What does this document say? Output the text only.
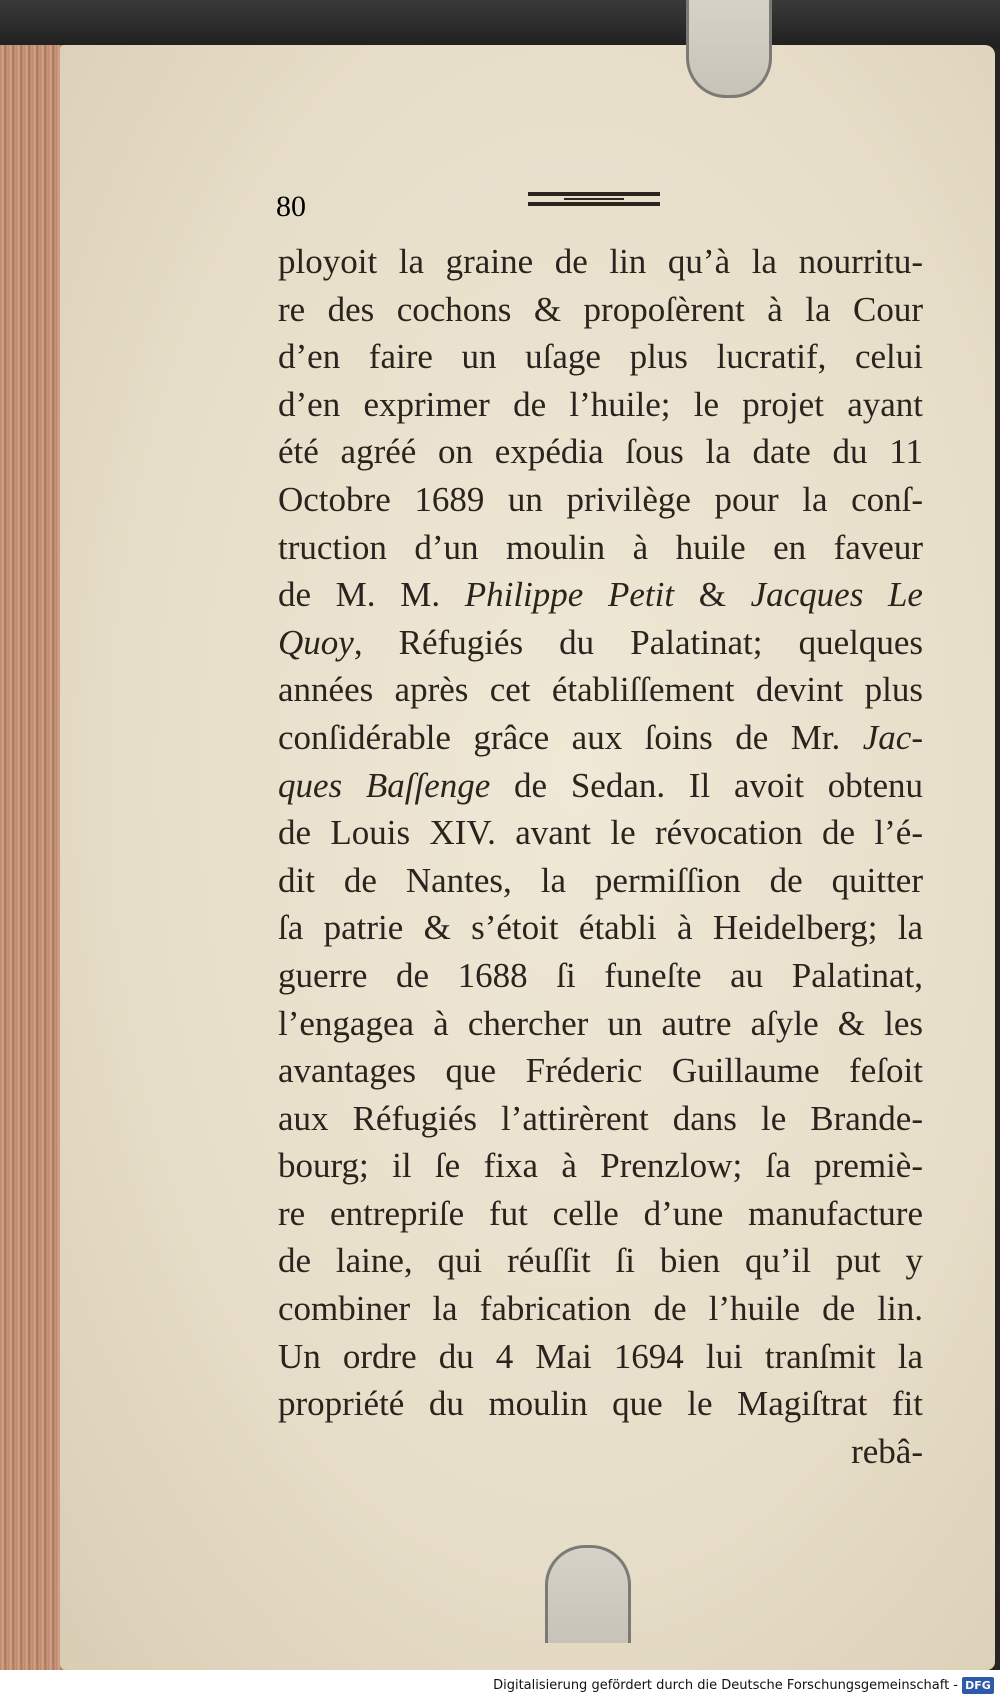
80
ployoit la graine de lin qu’à la nourritu-
re des cochons & propoſèrent à la Cour
d’en faire un uſage plus lucratif, celui
d’en exprimer de l’huile; le projet ayant
été agréé on expédia ſous la date du 11
Octobre 1689 un privilège pour la conſ-
truction d’un moulin à huile en faveur
de M. M. Philippe Petit & Jacques Le
Quoy, Réfugiés du Palatinat; quelques
années après cet établiſſement devint plus
conſidérable grâce aux ſoins de Mr. Jac-
ques Baſſenge de Sedan. Il avoit obtenu
de Louis XIV. avant le révocation de l’é-
dit de Nantes, la permiſſion de quitter
ſa patrie & s’étoit établi à Heidelberg; la
guerre de 1688 ſi funeſte au Palatinat,
l’engagea à chercher un autre aſyle & les
avantages que Fréderic Guillaume feſoit
aux Réfugiés l’attirèrent dans le Brande-
bourg; il ſe fixa à Prenzlow; ſa premiè-
re entrepriſe fut celle d’une manufacture
de laine, qui réuſſit ſi bien qu’il put y
combiner la fabrication de l’huile de lin.
Un ordre du 4 Mai 1694 lui tranſmit la
propriété du moulin que le Magiſtrat fit
rebâ-
Digitalisierung gefördert durch die Deutsche Forschungsgemeinschaft - DFG
